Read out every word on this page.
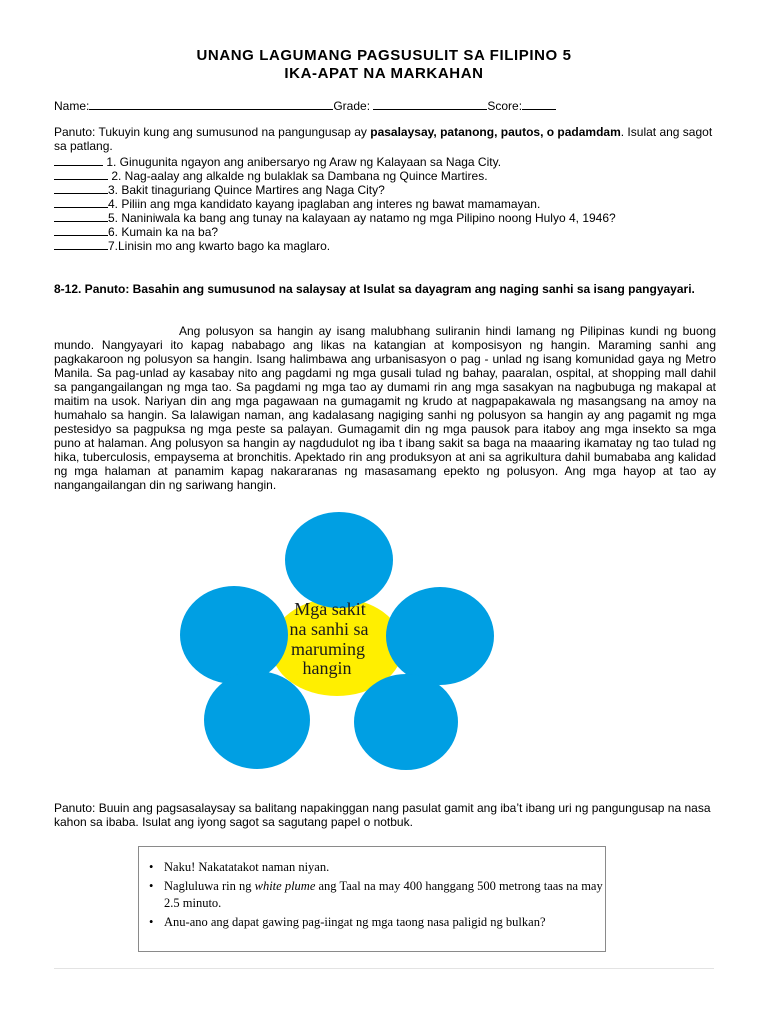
UNANG LAGUMANG PAGSUSULIT SA FILIPINO 5
IKA-APAT NA MARKAHAN
Name:	Grade:	Score:
Panuto: Tukuyin kung ang sumusunod na pangungusap ay pasalaysay, patanong, pautos, o padamdam. Isulat ang sagot sa patlang.
1. Ginugunita ngayon ang anibersaryo ng Araw ng Kalayaan sa Naga City.
2. Nag-aalay ang alkalde ng bulaklak sa Dambana ng Quince Martires.
3. Bakit tinaguriang Quince Martires ang Naga City?
4. Piliin ang mga kandidato kayang ipaglaban ang interes ng bawat mamamayan.
5. Naniniwala ka bang ang tunay na kalayaan ay natamo ng mga Pilipino noong Hulyo 4, 1946?
6. Kumain ka na ba?
7.Linisin mo ang kwarto bago ka maglaro.
8-12. Panuto: Basahin ang sumusunod na salaysay at Isulat sa dayagram ang naging sanhi sa isang pangyayari.
Ang polusyon sa hangin ay isang malubhang suliranin hindi lamang ng Pilipinas kundi ng buong mundo. Nangyayari ito kapag nababago ang likas na katangian at komposisyon ng hangin. Maraming sanhi ang pagkakaroon ng polusyon sa hangin. Isang halimbawa ang urbanisasyon o pag - unlad ng isang komunidad gaya ng Metro Manila. Sa pag-unlad ay kasabay nito ang pagdami ng mga gusali tulad ng bahay, paaralan, ospital, at shopping mall dahil sa pangangailangan ng mga tao. Sa pagdami ng mga tao ay dumami rin ang mga sasakyan na nagbubuga ng makapal at maitim na usok. Nariyan din ang mga pagawaan na gumagamit ng krudo at nagpapakawala ng masangsang na amoy na humahalo sa hangin. Sa lalawigan naman, ang kadalasang nagiging sanhi ng polusyon sa hangin ay ang pagamit ng mga pestesidyo sa pagpuksa ng mga peste sa palayan. Gumagamit din ng mga pausok para itaboy ang mga insekto sa mga puno at halaman. Ang polusyon sa hangin ay nagdudulot ng iba t ibang sakit sa baga na maaaring ikamatay ng tao tulad ng hika, tuberculosis, empaysema at bronchitis. Apektado rin ang produksyon at ani sa agrikultura dahil bumababa ang kalidad ng mga halaman at panamim kapag nakararanas ng masasamang epekto ng polusyon. Ang mga hayop at tao ay nangangailangan din ng sariwang hangin.
Mga sakit
na sanhi sa
maruming
hangin
Panuto: Buuin ang pagsasalaysay sa balitang napakinggan nang pasulat gamit ang iba’t ibang uri ng pangungusap na nasa kahon sa ibaba. Isulat ang iyong sagot sa sagutang papel o notbuk.
• Naku! Nakatatakot naman niyan.
• Nagluluwa rin ng white plume ang Taal na may 400 hanggang 500 metrong taas na may 2.5 minuto.
• Anu-ano ang dapat gawing pag-iingat ng mga taong nasa paligid ng bulkan?
